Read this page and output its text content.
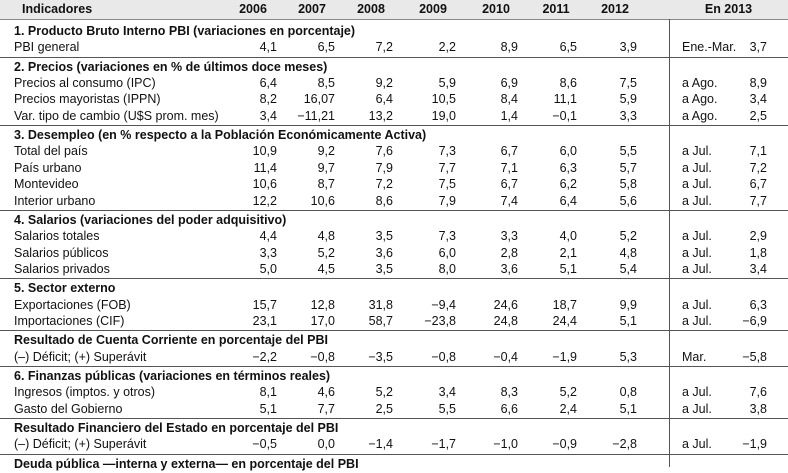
Indicadores	2006	2007	2008	2009	2010	2011	2012	En 2013
1. Producto Bruto Interno PBI (variaciones en porcentaje)
PBI general	4,1	6,5	7,2	2,2	8,9	6,5	3,9	Ene.-Mar.	3,7
2. Precios (variaciones en % de últimos doce meses)
Precios al consumo (IPC)	6,4	8,5	9,2	5,9	6,9	8,6	7,5	a Ago.	8,9
Precios mayoristas (IPPN)	8,2	16,07	6,4	10,5	8,4	11,1	5,9	a Ago.	3,4
Var. tipo de cambio (U$S prom. mes)	3,4	−11,21	13,2	19,0	1,4	−0,1	3,3	a Ago.	2,5
3. Desempleo (en % respecto a la Población Económicamente Activa)
Total del país	10,9	9,2	7,6	7,3	6,7	6,0	5,5	a Jul.	7,1
País urbano	11,4	9,7	7,9	7,7	7,1	6,3	5,7	a Jul.	7,2
Montevideo	10,6	8,7	7,2	7,5	6,7	6,2	5,8	a Jul.	6,7
Interior urbano	12,2	10,6	8,6	7,9	7,4	6,4	5,6	a Jul.	7,7
4. Salarios (variaciones del poder adquisitivo)
Salarios totales	4,4	4,8	3,5	7,3	3,3	4,0	5,2	a Jul.	2,9
Salarios públicos	3,3	5,2	3,6	6,0	2,8	2,1	4,8	a Jul.	1,8
Salarios privados	5,0	4,5	3,5	8,0	3,6	5,1	5,4	a Jul.	3,4
5. Sector externo
Exportaciones (FOB)	15,7	12,8	31,8	−9,4	24,6	18,7	9,9	a Jul.	6,3
Importaciones (CIF)	23,1	17,0	58,7	−23,8	24,8	24,4	5,1	a Jul.	−6,9
Resultado de Cuenta Corriente en porcentaje del PBI
(–) Déficit; (+) Superávit	−2,2	−0,8	−3,5	−0,8	−0,4	−1,9	5,3	Mar.	−5,8
6. Finanzas públicas (variaciones en términos reales)
Ingresos (imptos. y otros)	8,1	4,6	5,2	3,4	8,3	5,2	0,8	a Jul.	7,6
Gasto del Gobierno	5,1	7,7	2,5	5,5	6,6	2,4	5,1	a Jul.	3,8
Resultado Financiero del Estado en porcentaje del PBI
(–) Déficit; (+) Superávit	−0,5	0,0	−1,4	−1,7	−1,0	−0,9	−2,8	a Jul.	−1,9
Deuda pública —interna y externa— en porcentaje del PBI
